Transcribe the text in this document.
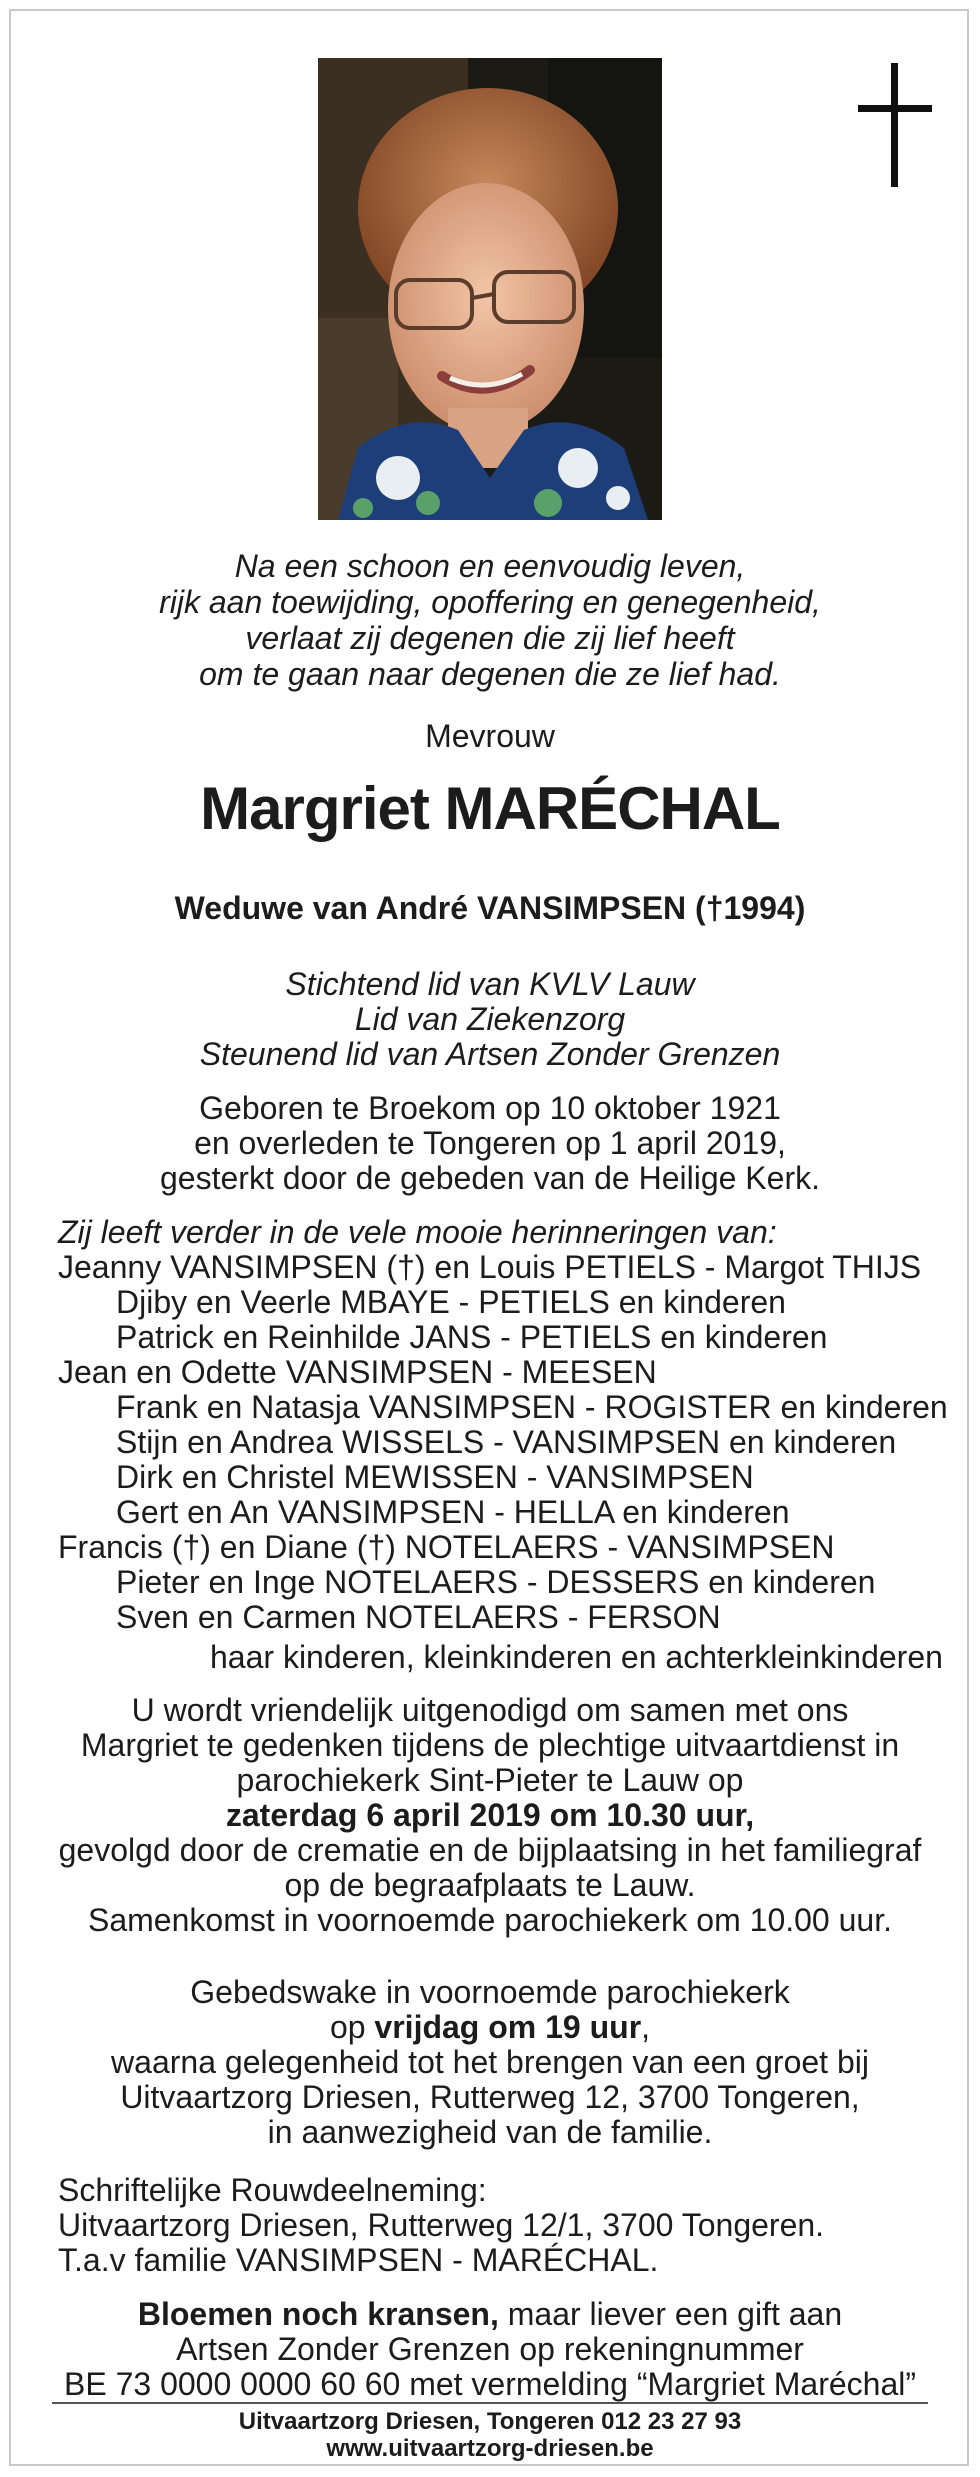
Na een schoon en eenvoudig leven,
rijk aan toewijding, opoffering en genegenheid,
verlaat zij degenen die zij lief heeft
om te gaan naar degenen die ze lief had.
Mevrouw
Margriet MARÉCHAL
Weduwe van André VANSIMPSEN (†1994)
Stichtend lid van KVLV Lauw
Lid van Ziekenzorg
Steunend lid van Artsen Zonder Grenzen
Geboren te Broekom op 10 oktober 1921
en overleden te Tongeren op 1 april 2019,
gesterkt door de gebeden van de Heilige Kerk.
Zij leeft verder in de vele mooie herinneringen van:
Jeanny VANSIMPSEN (†) en Louis PETIELS - Margot THIJS
Djiby en Veerle MBAYE - PETIELS en kinderen
Patrick en Reinhilde JANS - PETIELS en kinderen
Jean en Odette VANSIMPSEN - MEESEN
Frank en Natasja VANSIMPSEN - ROGISTER en kinderen
Stijn en Andrea WISSELS - VANSIMPSEN en kinderen
Dirk en Christel MEWISSEN - VANSIMPSEN
Gert en An VANSIMPSEN - HELLA en kinderen
Francis (†) en Diane (†) NOTELAERS - VANSIMPSEN
Pieter en Inge NOTELAERS - DESSERS en kinderen
Sven en Carmen NOTELAERS - FERSON
haar kinderen, kleinkinderen en achterkleinkinderen
U wordt vriendelijk uitgenodigd om samen met ons
Margriet te gedenken tijdens de plechtige uitvaartdienst in
parochiekerk Sint-Pieter te Lauw op
zaterdag 6 april 2019 om 10.30 uur,
gevolgd door de crematie en de bijplaatsing in het familiegraf
op de begraafplaats te Lauw.
Samenkomst in voornoemde parochiekerk om 10.00 uur.
Gebedswake in voornoemde parochiekerk
op vrijdag om 19 uur,
waarna gelegenheid tot het brengen van een groet bij
Uitvaartzorg Driesen, Rutterweg 12, 3700 Tongeren,
in aanwezigheid van de familie.
Schriftelijke Rouwdeelneming:
Uitvaartzorg Driesen, Rutterweg 12/1, 3700 Tongeren.
T.a.v familie VANSIMPSEN - MARÉCHAL.
Bloemen noch kransen, maar liever een gift aan
Artsen Zonder Grenzen op rekeningnummer
BE 73 0000 0000 60 60 met vermelding “Margriet Maréchal”
Uitvaartzorg Driesen, Tongeren 012 23 27 93
www.uitvaartzorg-driesen.be
